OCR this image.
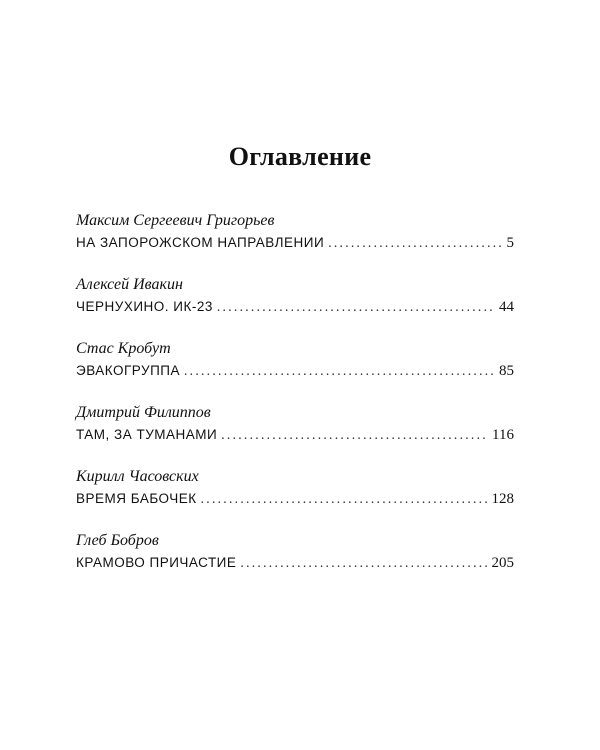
Оглавление
Максим Сергеевич Григорьев
НА ЗАПОРОЖСКОМ НАПРАВЛЕНИИ .....	5
Алексей Ивакин
ЧЕРНУХИНО. ИК-23 .....	44
Стас Кробут
ЭВАКОГРУППА .....	85
Дмитрий Филиппов
ТАМ, ЗА ТУМАНАМИ .....	116
Кирилл Часовских
ВРЕМЯ БАБОЧЕК .....	128
Глеб Бобров
КРАМОВО ПРИЧАСТИЕ .....	205
